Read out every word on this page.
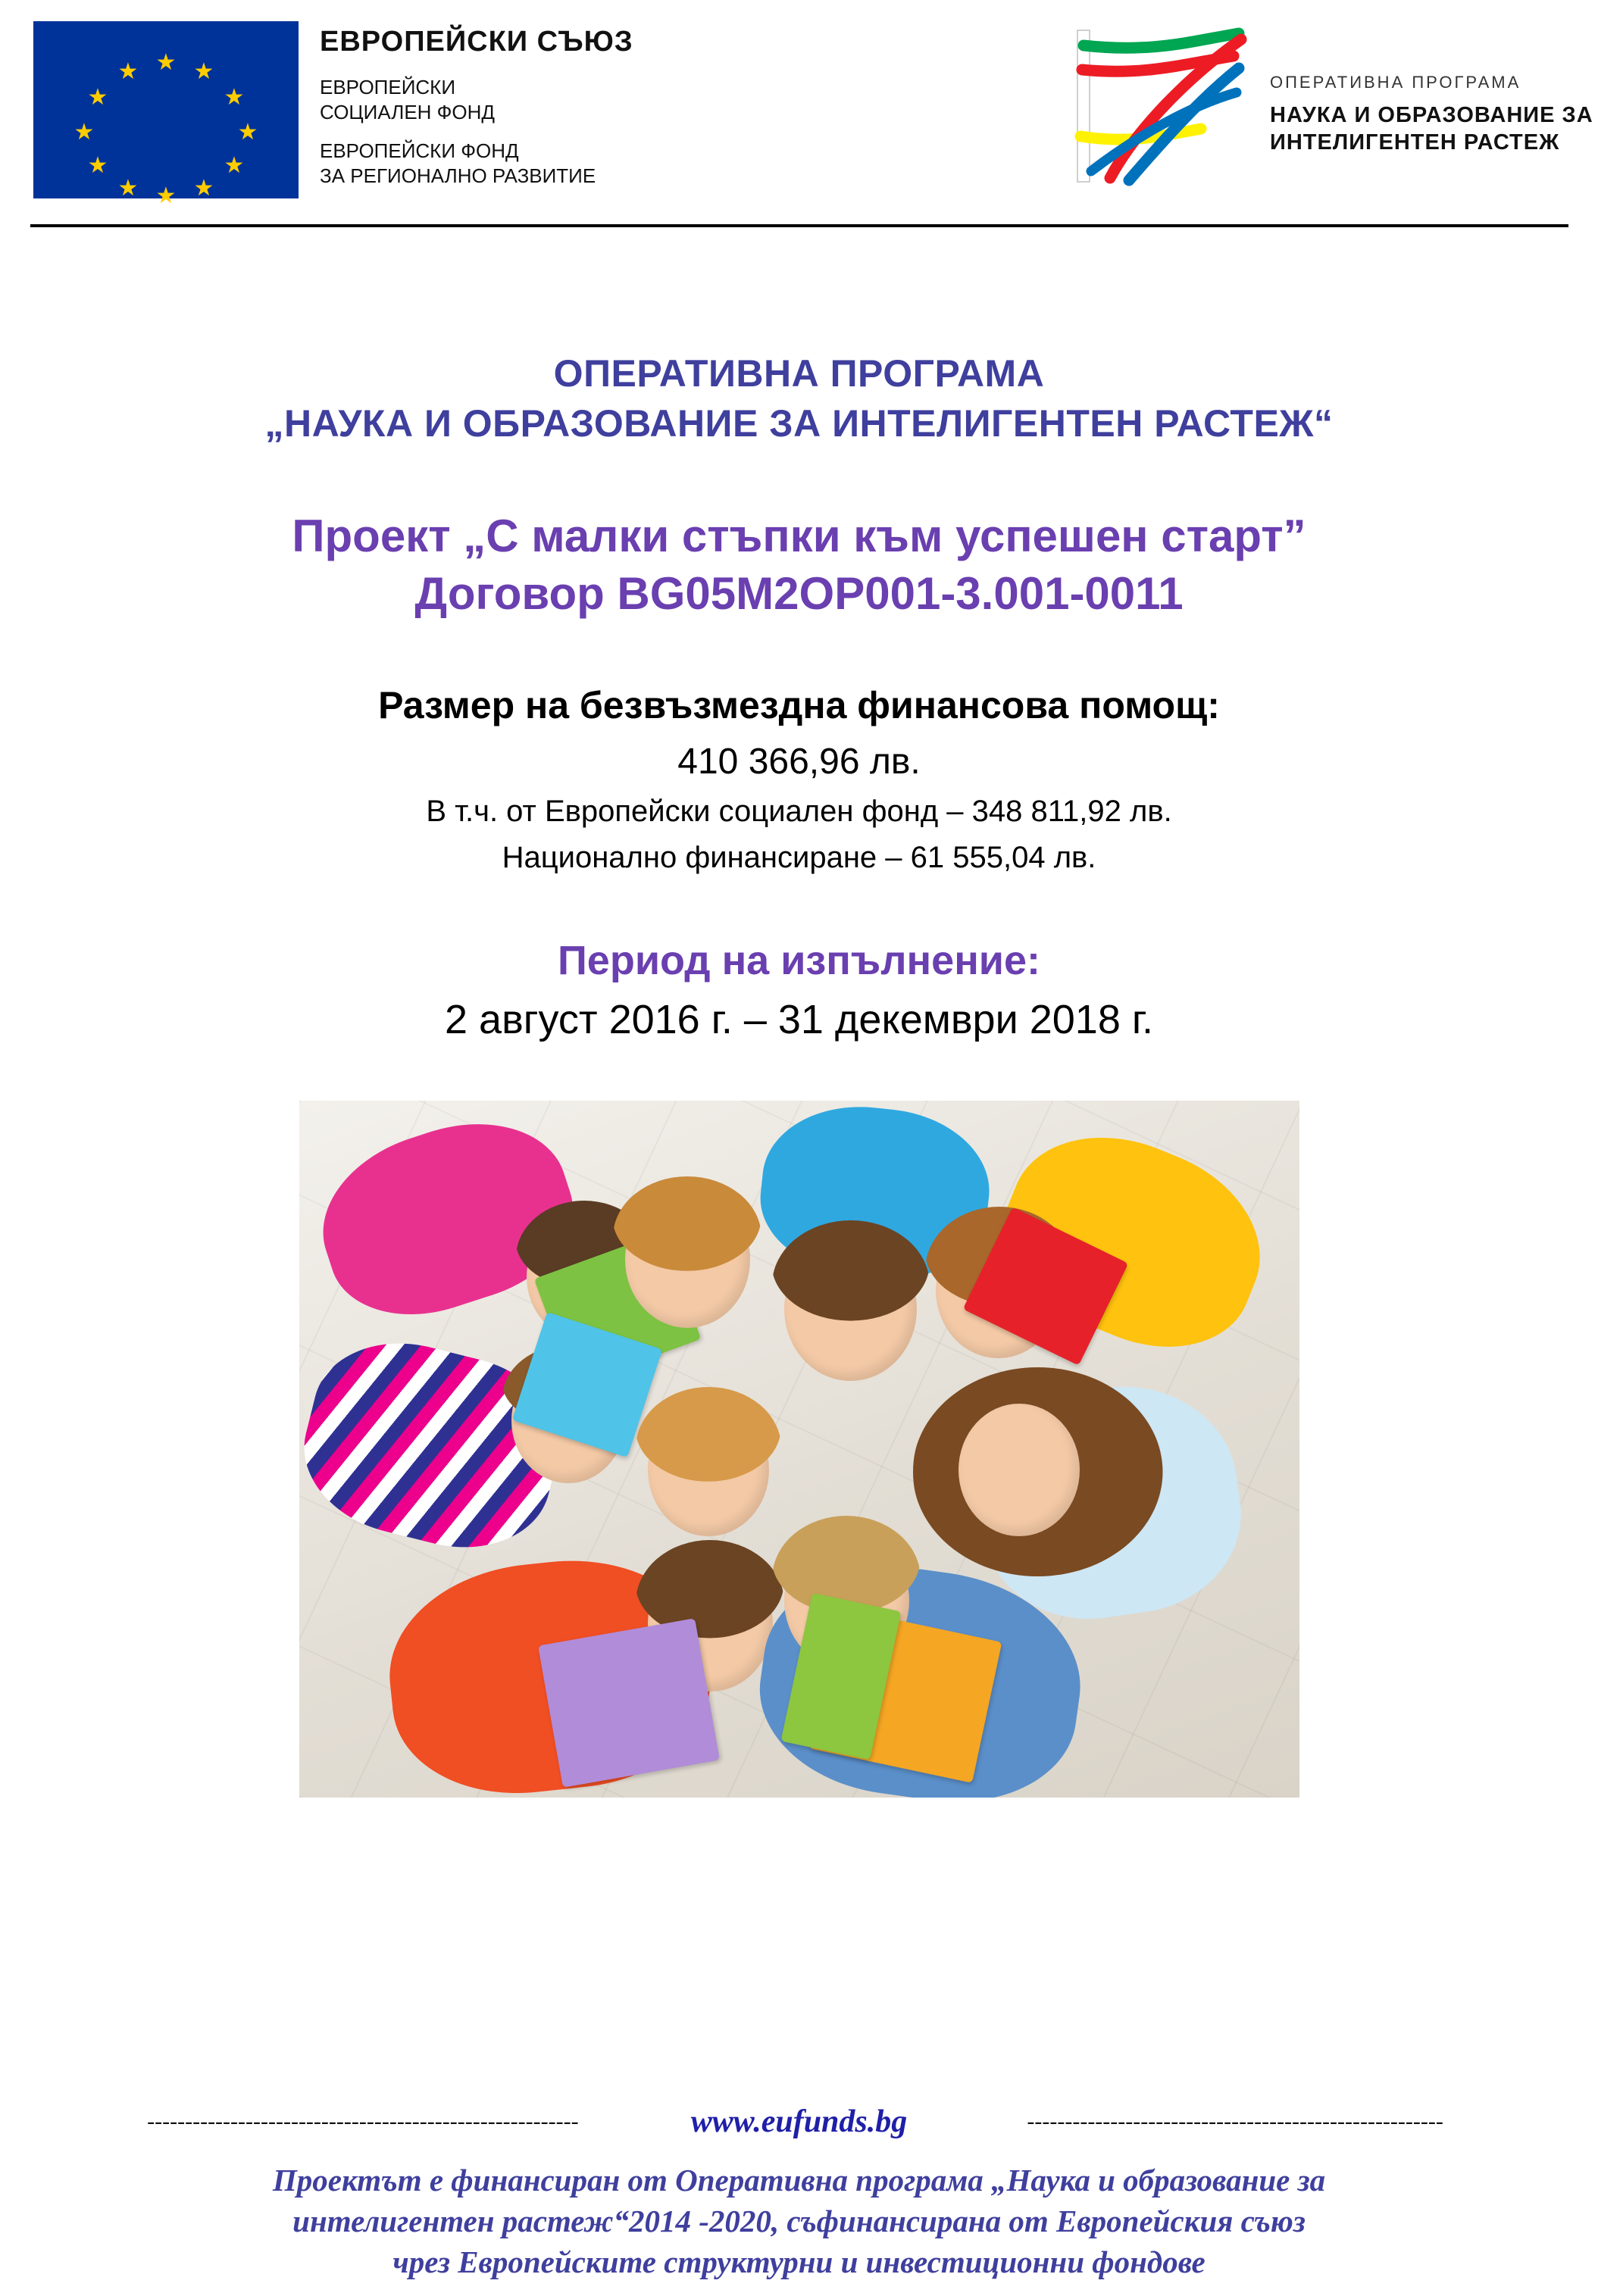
★
★ ★
★	★
★	★
★	★
★ ★
★
ЕВРОПЕЙСКИ СЪЮЗ
ЕВРОПЕЙСКИ
СОЦИАЛЕН ФОНД
ЕВРОПЕЙСКИ ФОНД
ЗА РЕГИОНАЛНО РАЗВИТИЕ
ОПЕРАТИВНА ПРОГРАМА
НАУКА И ОБРАЗОВАНИЕ ЗА
ИНТЕЛИГЕНТЕН РАСТЕЖ
ОПЕРАТИВНА ПРОГРАМА
„НАУКА И ОБРАЗОВАНИЕ ЗА ИНТЕЛИГЕНТЕН РАСТЕЖ“
Проект „С малки стъпки към успешен старт”
Договор BG05M2OP001-3.001-0011
Размер на безвъзмездна финансова помощ:
410 366,96 лв.
В т.ч. от Европейски социален фонд – 348 811,92 лв.
Национално финансиране – 61 555,04 лв.
Период на изпълнение:
2 август 2016 г. – 31 декември 2018 г.
---------------------------------------------------------	www.eufunds.bg	-------------------------------------------------------
Проектът е финансиран от Оперативна програма „Наука и образование за
интелигентен растеж“2014 -2020, съфинансирана от Европейския съюз
чрез Европейските структурни и инвестиционни фондове
